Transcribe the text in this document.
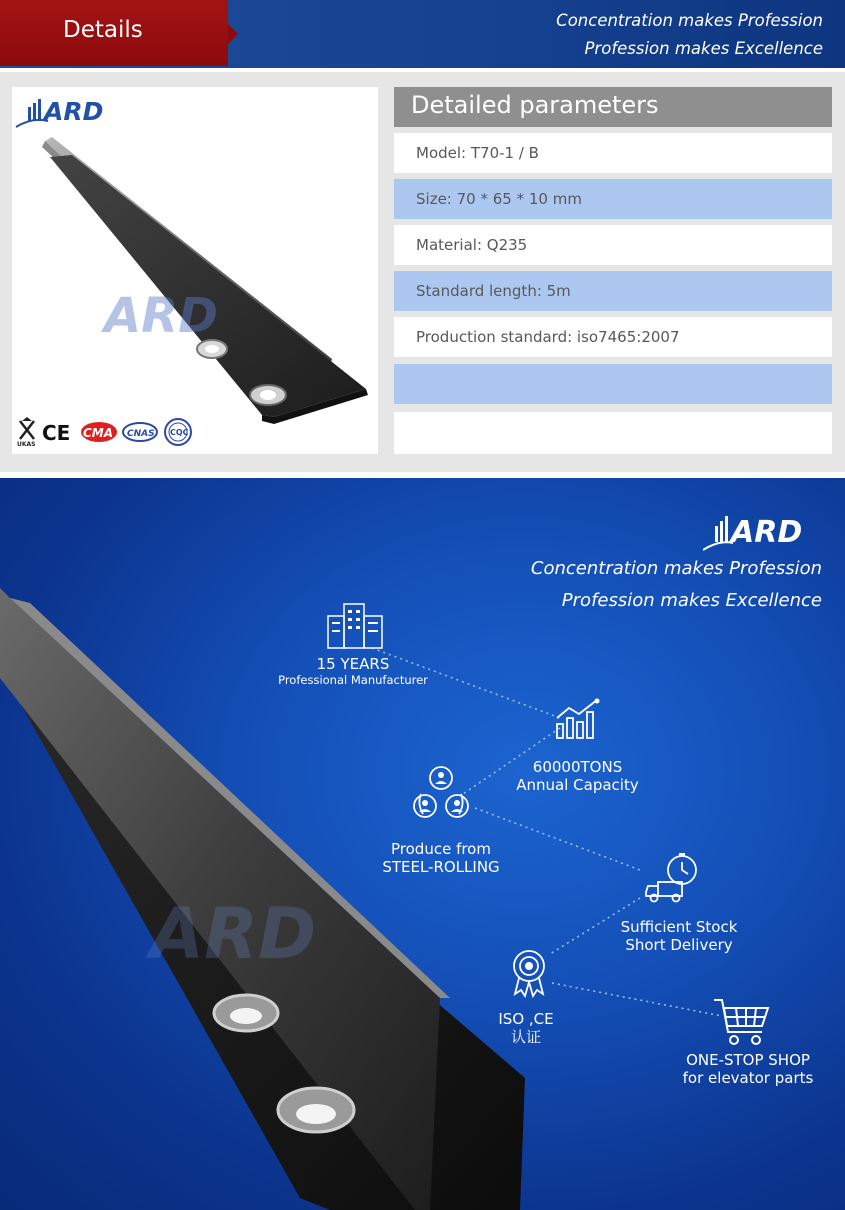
Details	Concentration makes Profession
Profession makes Excellence
ARD
ARD
UKAS CE CMA CNAS CQC
Detailed parameters
Model: T70-1 / B
Size: 70 * 65 * 10 mm
Material: Q235
Standard length: 5m
Production standard: iso7465:2007
ARD
ARD
Concentration makes Profession
Profession makes Excellence
15 YEARS
Professional Manufacturer
60000TONS
Annual Capacity
Produce from
STEEL-ROLLING
Sufficient Stock
Short Delivery
ISO ,CE
认证
ONE-STOP SHOP
for elevator parts
